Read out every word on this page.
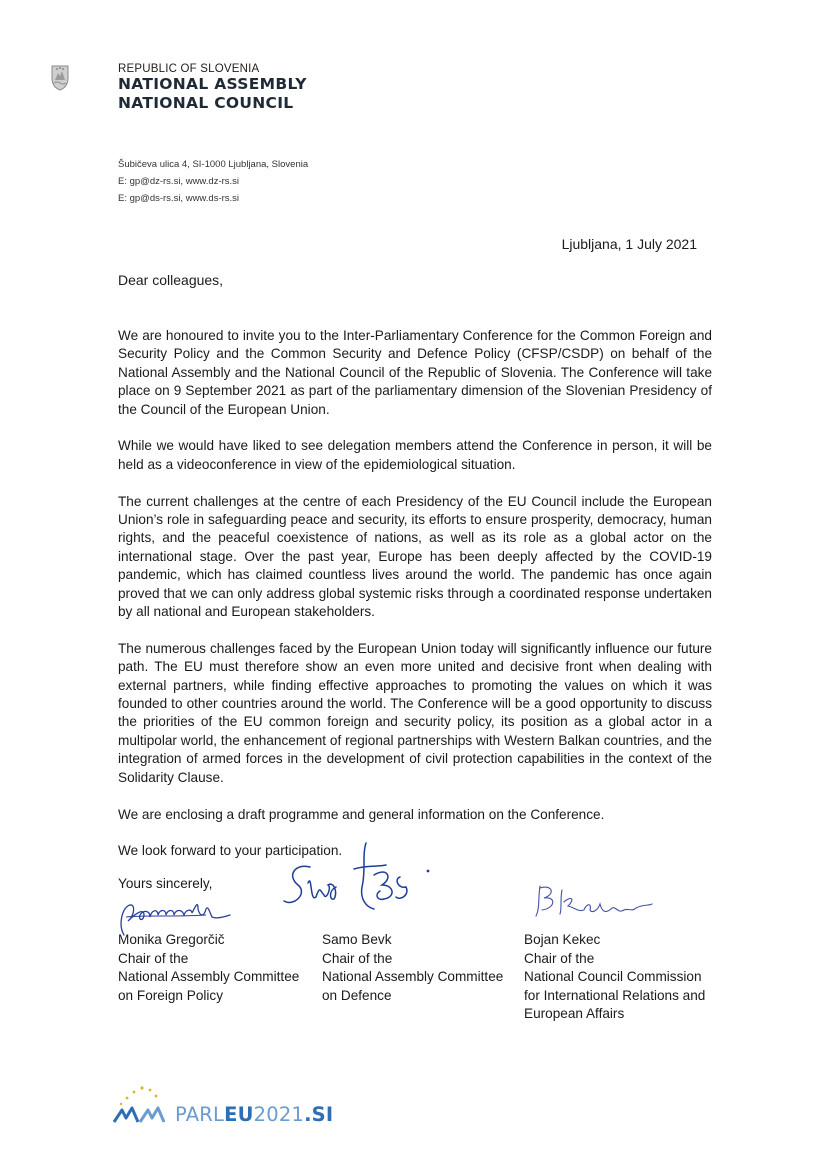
REPUBLIC OF SLOVENIA
NATIONAL ASSEMBLY
NATIONAL COUNCIL
Šubičeva ulica 4, SI-1000 Ljubljana, Slovenia
E: gp@dz-rs.si, www.dz-rs.si
E: gp@ds-rs.si, www.ds-rs.si
Ljubljana, 1 July 2021
Dear colleagues,

We are honoured to invite you to the Inter-Parliamentary Conference for the Common Foreign and Security Policy and the Common Security and Defence Policy (CFSP/CSDP) on behalf of the National Assembly and the National Council of the Republic of Slovenia. The Conference will take place on 9 September 2021 as part of the parliamentary dimension of the Slovenian Presidency of the Council of the European Union.

While we would have liked to see delegation members attend the Conference in person, it will be held as a videoconference in view of the epidemiological situation.

The current challenges at the centre of each Presidency of the EU Council include the European Union’s role in safeguarding peace and security, its efforts to ensure prosperity, democracy, human rights, and the peaceful coexistence of nations, as well as its role as a global actor on the international stage. Over the past year, Europe has been deeply affected by the COVID-19 pandemic, which has claimed countless lives around the world. The pandemic has once again proved that we can only address global systemic risks through a coordinated response undertaken by all national and European stakeholders.

The numerous challenges faced by the European Union today will significantly influence our future path. The EU must therefore show an even more united and decisive front when dealing with external partners, while finding effective approaches to promoting the values on which it was founded to other countries around the world. The Conference will be a good opportunity to discuss the priorities of the EU common foreign and security policy, its position as a global actor in a multipolar world, the enhancement of regional partnerships with Western Balkan countries, and the integration of armed forces in the development of civil protection capabilities in the context of the Solidarity Clause.

We are enclosing a draft programme and general information on the Conference.

We look forward to your participation.

Yours sincerely,
Monika Gregorčič
Chair of the
National Assembly Committee
on Foreign Policy
Samo Bevk
Chair of the
National Assembly Committee
on Defence
Bojan Kekec
Chair of the
National Council Commission
for International Relations and
European Affairs
PARLEU2021.SI
